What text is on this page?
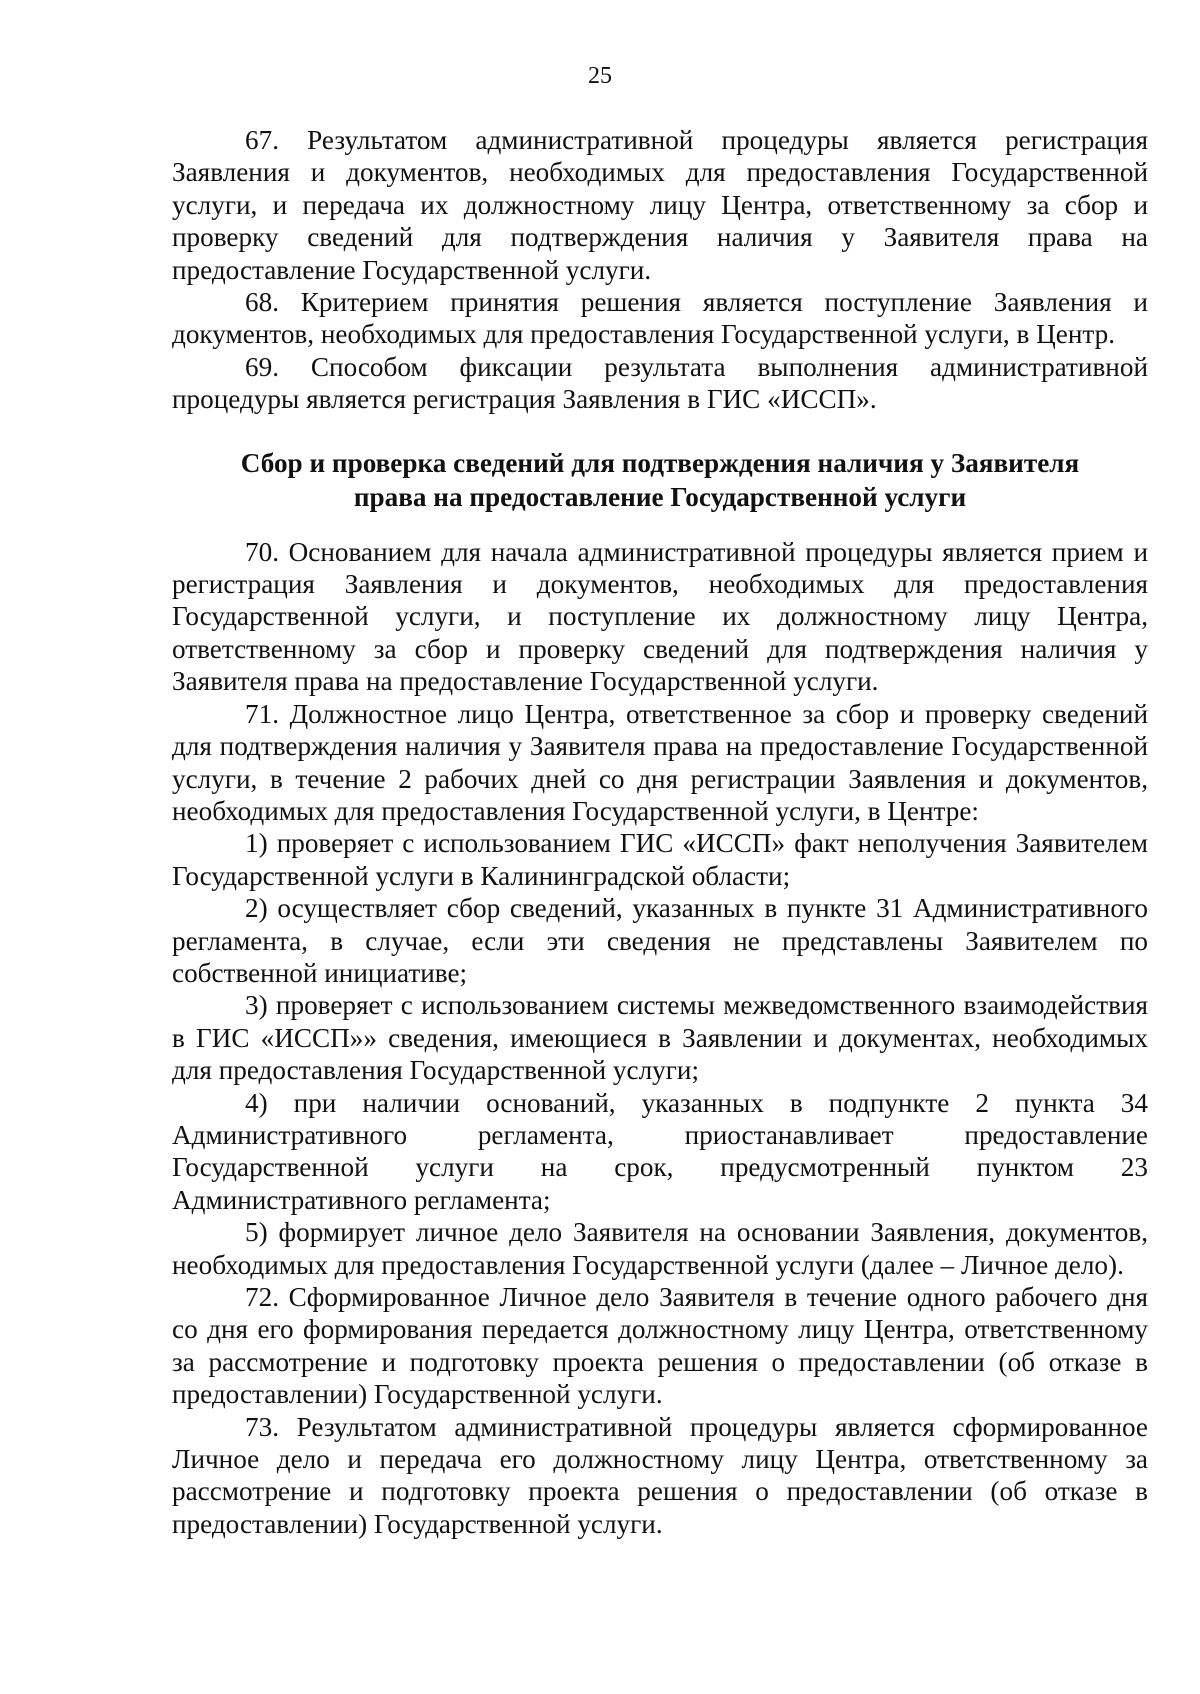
25

67. Результатом административной процедуры является регистрация Заявления и документов, необходимых для предоставления Государственной услуги, и передача их должностному лицу Центра, ответственному за сбор и проверку сведений для подтверждения наличия у Заявителя права на предоставление Государственной услуги.

68. Критерием принятия решения является поступление Заявления и документов, необходимых для предоставления Государственной услуги, в Центр.

69. Способом фиксации результата выполнения административной процедуры является регистрация Заявления в ГИС «ИССП».

Сбор и проверка сведений для подтверждения наличия у Заявителя
права на предоставление Государственной услуги

70. Основанием для начала административной процедуры является прием и регистрация Заявления и документов, необходимых для предоставления Государственной услуги, и поступление их должностному лицу Центра, ответственному за сбор и проверку сведений для подтверждения наличия у Заявителя права на предоставление Государственной услуги.

71. Должностное лицо Центра, ответственное за сбор и проверку сведений для подтверждения наличия у Заявителя права на предоставление Государственной услуги, в течение 2 рабочих дней со дня регистрации Заявления и документов, необходимых для предоставления Государственной услуги, в Центре:

1) проверяет с использованием ГИС «ИССП» факт неполучения Заявителем Государственной услуги в Калининградской области;

2) осуществляет сбор сведений, указанных в пункте 31 Административного регламента, в случае, если эти сведения не представлены Заявителем по собственной инициативе;

3) проверяет с использованием системы межведомственного взаимодействия в ГИС «ИССП»» сведения, имеющиеся в Заявлении и документах, необходимых для предоставления Государственной услуги;

4) при наличии оснований, указанных в подпункте 2 пункта 34 Административного регламента, приостанавливает предоставление Государственной услуги на срок, предусмотренный пунктом 23 Административного регламента;

5) формирует личное дело Заявителя на основании Заявления, документов, необходимых для предоставления Государственной услуги (далее – Личное дело).

72. Сформированное Личное дело Заявителя в течение одного рабочего дня со дня его формирования передается должностному лицу Центра, ответственному за рассмотрение и подготовку проекта решения о предоставлении (об отказе в предоставлении) Государственной услуги.

73. Результатом административной процедуры является сформированное Личное дело и передача его должностному лицу Центра, ответственному за рассмотрение и подготовку проекта решения о предоставлении (об отказе в предоставлении) Государственной услуги.
